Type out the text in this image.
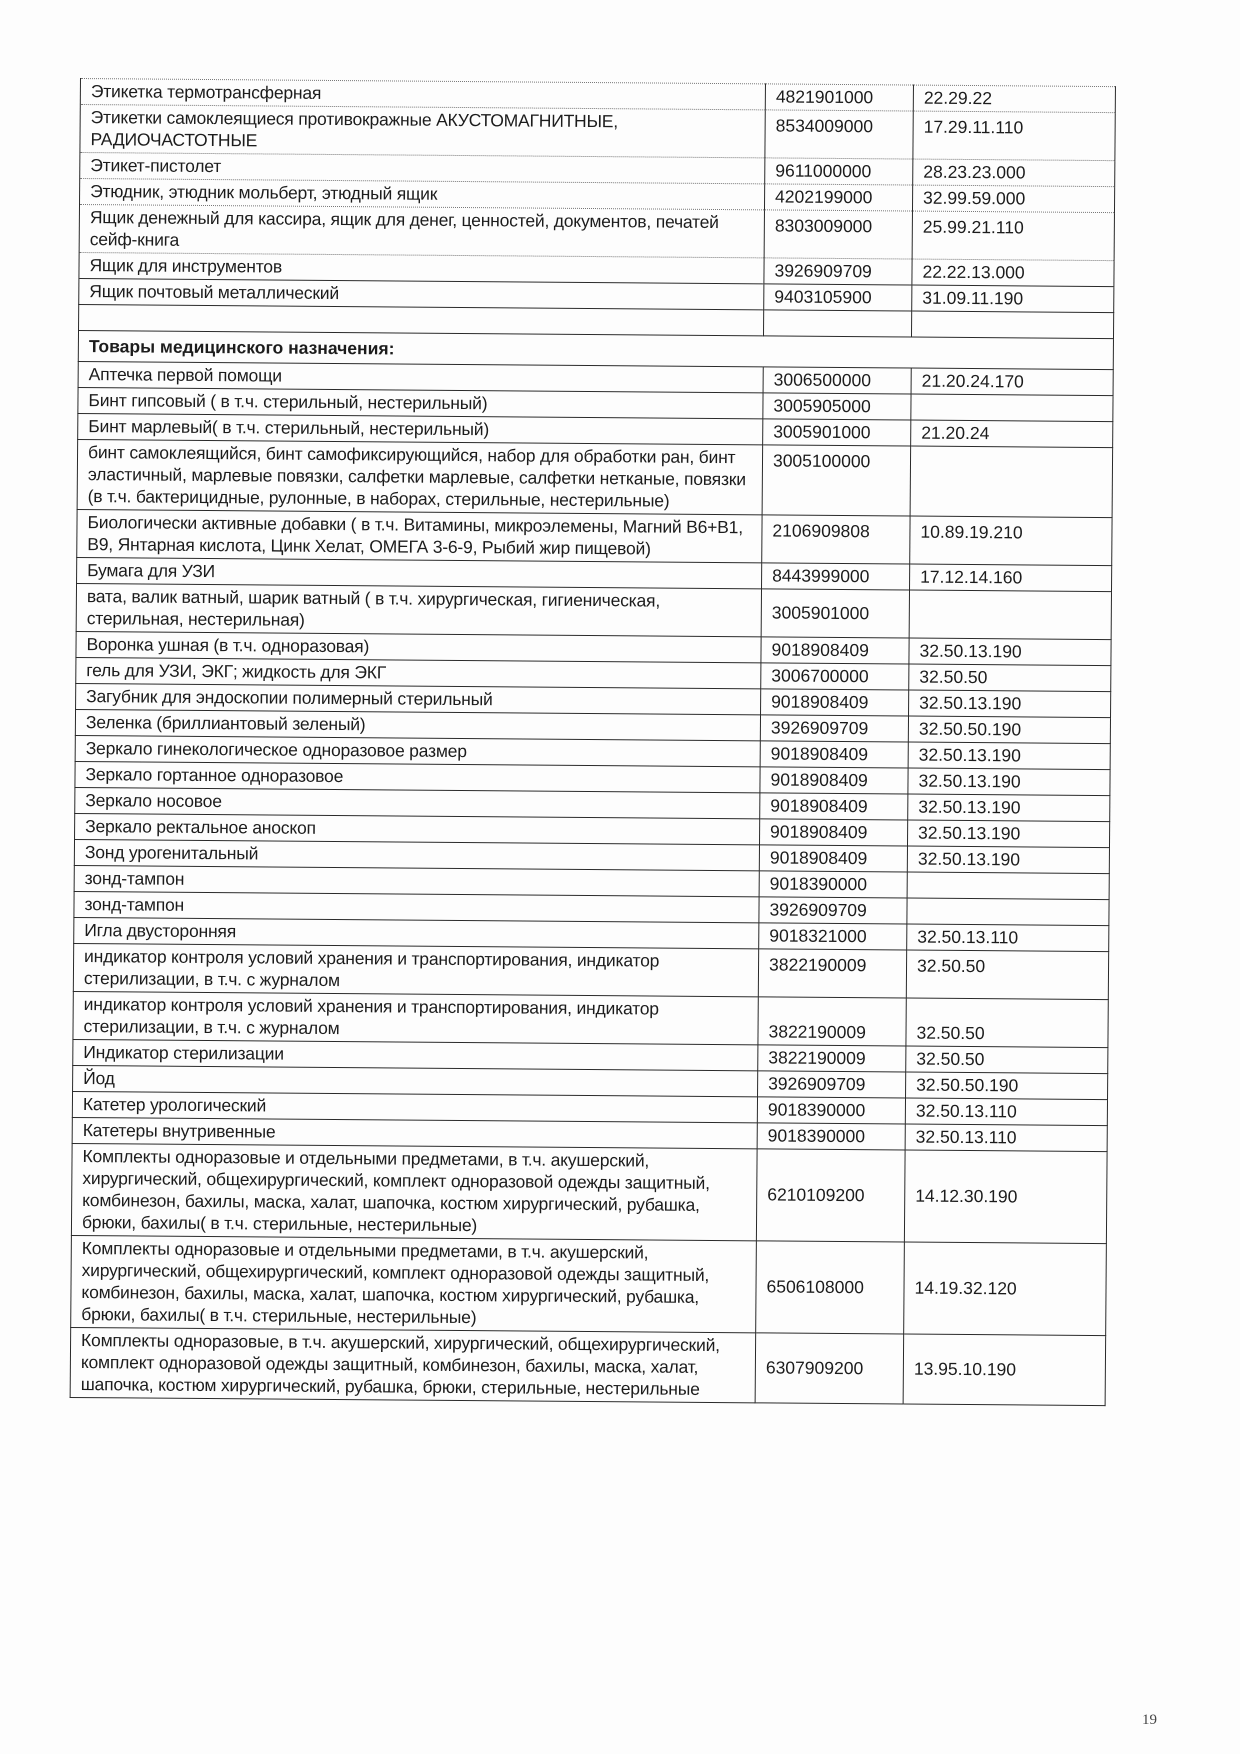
Этикетка термотрансферная	4821901000	22.29.22
Этикетки самоклеящиеся противокражные АКУСТОМАГНИТНЫЕ, РАДИОЧАСТОТНЫЕ	8534009000	17.29.11.110
Этикет-пистолет	9611000000	28.23.23.000
Этюдник, этюдник мольберт, этюдный ящик	4202199000	32.99.59.000
Ящик денежный для кассира, ящик для денег, ценностей, документов, печатей сейф-книга	8303009000	25.99.21.110
Ящик для инструментов	3926909709	22.22.13.000
Ящик почтовый металлический	9403105900	31.09.11.190

Товары медицинского назначения:		
Аптечка первой помощи	3006500000	21.20.24.170
Бинт гипсовый ( в т.ч. стерильный, нестерильный)	3005905000	
Бинт марлевый( в т.ч. стерильный, нестерильный)	3005901000	21.20.24
бинт самоклеящийся, бинт самофиксирующийся, набор для обработки ран, бинт эластичный, марлевые повязки, салфетки марлевые, салфетки нетканые, повязки (в т.ч. бактерицидные, рулонные, в наборах, стерильные, нестерильные)	3005100000	
Биологически активные добавки ( в т.ч. Витамины, микроэлемены, Магний В6+В1, В9, Янтарная кислота, Цинк Хелат, ОМЕГА 3-6-9, Рыбий жир пищевой)	2106909808	10.89.19.210
Бумага для УЗИ	8443999000	17.12.14.160
вата, валик ватный, шарик ватный ( в т.ч. хирургическая, гигиеническая, стерильная, нестерильная)	3005901000	
Воронка ушная (в т.ч. одноразовая)	9018908409	32.50.13.190
гель для УЗИ, ЭКГ; жидкость для ЭКГ	3006700000	32.50.50
Загубник для эндоскопии полимерный стерильный	9018908409	32.50.13.190
Зеленка (бриллиантовый зеленый)	3926909709	32.50.50.190
Зеркало гинекологическое одноразовое размер	9018908409	32.50.13.190
Зеркало гортанное одноразовое	9018908409	32.50.13.190
Зеркало носовое	9018908409	32.50.13.190
Зеркало ректальное аноскоп	9018908409	32.50.13.190
Зонд урогенитальный	9018908409	32.50.13.190
зонд-тампон	9018390000	
зонд-тампон	3926909709	
Игла двусторонняя	9018321000	32.50.13.110
индикатор контроля условий хранения и транспортирования, индикатор стерилизации, в т.ч. с журналом	3822190009	32.50.50
индикатор контроля условий хранения и транспортирования, индикатор стерилизации, в т.ч. с журналом	3822190009	32.50.50
Индикатор стерилизации	3822190009	32.50.50
Йод	3926909709	32.50.50.190
Катетер урологический	9018390000	32.50.13.110
Катетеры внутривенные	9018390000	32.50.13.110
Комплекты одноразовые и отдельными предметами, в т.ч. акушерский, хирургический, общехирургический, комплект одноразовой одежды защитный, комбинезон, бахилы, маска, халат, шапочка, костюм хирургический, рубашка, брюки, бахилы( в т.ч. стерильные, нестерильные)	6210109200	14.12.30.190
Комплекты одноразовые и отдельными предметами, в т.ч. акушерский, хирургический, общехирургический, комплект одноразовой одежды защитный, комбинезон, бахилы, маска, халат, шапочка, костюм хирургический, рубашка, брюки, бахилы( в т.ч. стерильные, нестерильные)	6506108000	14.19.32.120
Комплекты одноразовые, в т.ч. акушерский, хирургический, общехирургический, комплект одноразовой одежды защитный, комбинезон, бахилы, маска, халат, шапочка, костюм хирургический, рубашка, брюки, стерильные, нестерильные	6307909200	13.95.10.190
19
